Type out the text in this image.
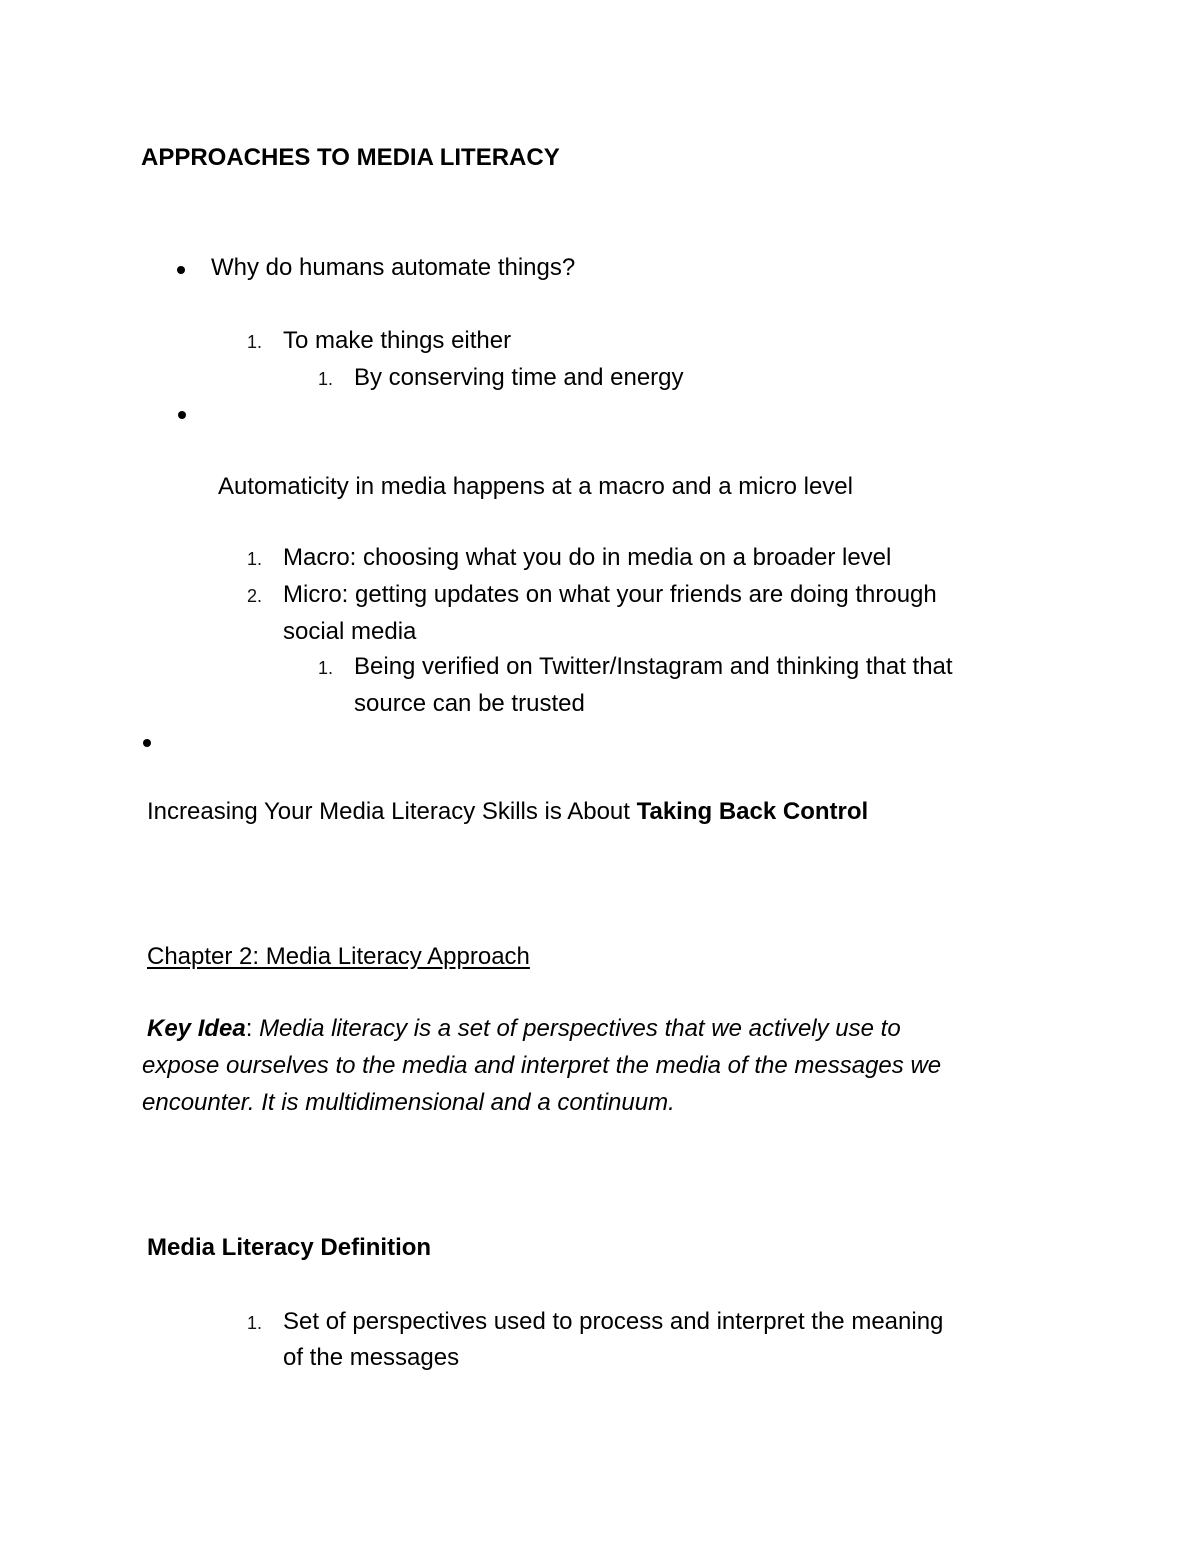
APPROACHES TO MEDIA LITERACY
Why do humans automate things?
1. To make things either
1. By conserving time and energy
Automaticity in media happens at a macro and a micro level
1. Macro: choosing what you do in media on a broader level
2. Micro: getting updates on what your friends are doing through
social media
1. Being verified on Twitter/Instagram and thinking that that
source can be trusted
Increasing Your Media Literacy Skills is About Taking Back Control
Chapter 2: Media Literacy Approach
Key Idea: Media literacy is a set of perspectives that we actively use to
expose ourselves to the media and interpret the media of the messages we
encounter. It is multidimensional and a continuum.
Media Literacy Definition
1. Set of perspectives used to process and interpret the meaning
of the messages
